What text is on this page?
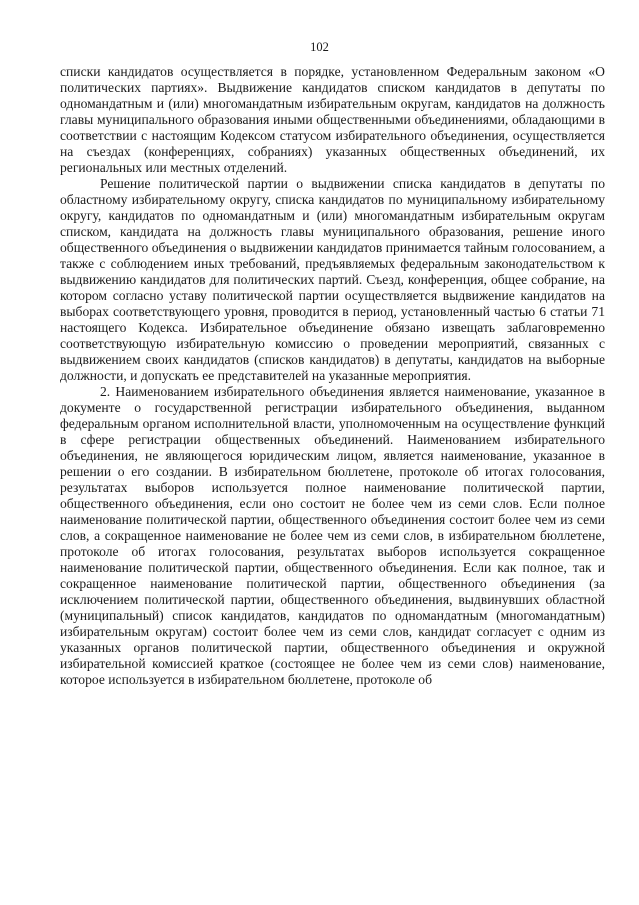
102

списки кандидатов осуществляется в порядке, установленном Федеральным законом «О политических партиях». Выдвижение кандидатов списком кандидатов в депутаты по одномандатным и (или) многомандатным избирательным округам, кандидатов на должность главы муниципального образования иными общественными объединениями, обладающими в соответствии с настоящим Кодексом статусом избирательного объединения, осуществляется на съездах (конференциях, собраниях) указанных общественных объединений, их региональных или местных отделений.

Решение политической партии о выдвижении списка кандидатов в депутаты по областному избирательному округу, списка кандидатов по муниципальному избирательному округу, кандидатов по одномандатным и (или) многомандатным избирательным округам списком, кандидата на должность главы муниципального образования, решение иного общественного объединения о выдвижении кандидатов принимается тайным голосованием, а также с соблюдением иных требований, предъявляемых федеральным законодательством к выдвижению кандидатов для политических партий. Съезд, конференция, общее собрание, на котором согласно уставу политической партии осуществляется выдвижение кандидатов на выборах соответствующего уровня, проводится в период, установленный частью 6 статьи 71 настоящего Кодекса. Избирательное объединение обязано извещать заблаговременно соответствующую избирательную комиссию о проведении мероприятий, связанных с выдвижением своих кандидатов (списков кандидатов) в депутаты, кандидатов на выборные должности, и допускать ее представителей на указанные мероприятия.

2. Наименованием избирательного объединения является наименование, указанное в документе о государственной регистрации избирательного объединения, выданном федеральным органом исполнительной власти, уполномоченным на осуществление функций в сфере регистрации общественных объединений. Наименованием избирательного объединения, не являющегося юридическим лицом, является наименование, указанное в решении о его создании. В избирательном бюллетене, протоколе об итогах голосования, результатах выборов используется полное наименование политической партии, общественного объединения, если оно состоит не более чем из семи слов. Если полное наименование политической партии, общественного объединения состоит более чем из семи слов, а сокращенное наименование не более чем из семи слов, в избирательном бюллетене, протоколе об итогах голосования, результатах выборов используется сокращенное наименование политической партии, общественного объединения. Если как полное, так и сокращенное наименование политической партии, общественного объединения (за исключением политической партии, общественного объединения, выдвинувших областной (муниципальный) список кандидатов, кандидатов по одномандатным (многомандатным) избирательным округам) состоит более чем из семи слов, кандидат согласует с одним из указанных органов политической партии, общественного объединения и окружной избирательной комиссией краткое (состоящее не более чем из семи слов) наименование, которое используется в избирательном бюллетене, протоколе об
